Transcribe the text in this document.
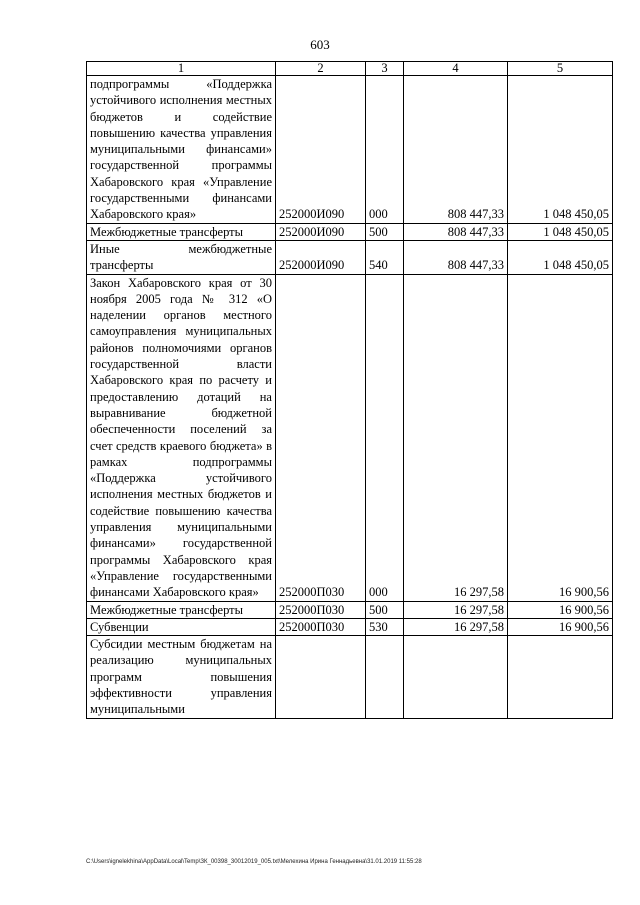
603
1	2	3	4	5
подпрограммы «Поддержка устойчивого исполнения местных бюджетов и содействие повышению качества управления муниципальными финансами» государственной программы Хабаровского края «Управление государственными финансами Хабаровского края»	252000И090	000	808 447,33	1 048 450,05
Межбюджетные трансферты	252000И090	500	808 447,33	1 048 450,05
Иные межбюджетные трансферты	252000И090	540	808 447,33	1 048 450,05
Закон Хабаровского края от 30 ноября 2005 года № 312 «О наделении органов местного самоуправления муниципальных районов полномочиями органов государственной власти Хабаровского края по расчету и предоставлению дотаций на выравнивание бюджетной обеспеченности поселений за счет средств краевого бюджета» в рамках подпрограммы «Поддержка устойчивого исполнения местных бюджетов и содействие повышению качества управления муниципальными финансами» государственной программы Хабаровского края «Управление государственными финансами Хабаровского края»	252000П030	000	16 297,58	16 900,56
Межбюджетные трансферты	252000П030	500	16 297,58	16 900,56
Субвенции	252000П030	530	16 297,58	16 900,56
Субсидии местным бюджетам на реализацию муниципальных программ повышения эффективности управления муниципальными				
C:\Users\ignelekhina\AppData\Local\Temp\ЗК_00398_30012019_005.txt\Мелехина Ирина Геннадьевна\31.01.2019 11:55:28
